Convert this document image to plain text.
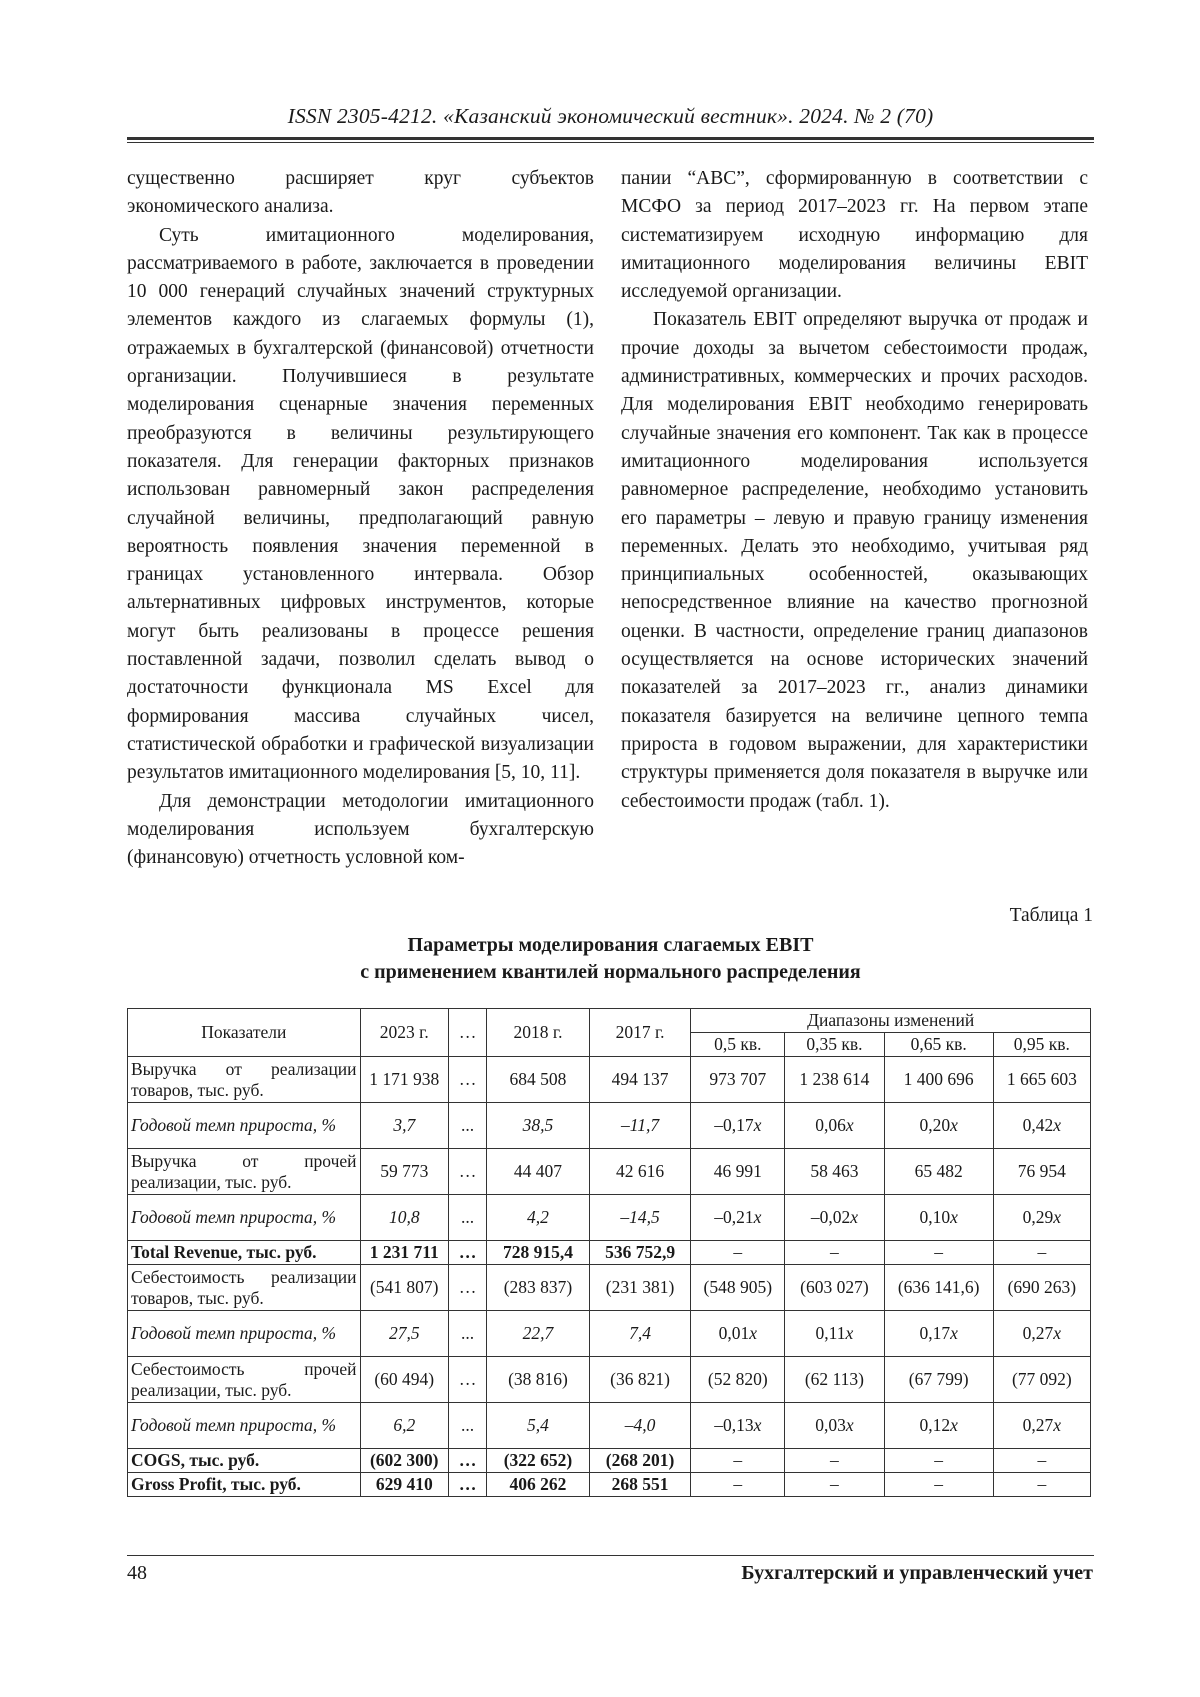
ISSN 2305-4212. «Казанский экономический вестник». 2024. № 2 (70)

существенно расширяет круг субъектов экономического анализа.

Суть имитационного моделирования, рассматриваемого в работе, заключается в проведении 10 000 генераций случайных значений структурных элементов каждого из слагаемых формулы (1), отражаемых в бухгалтерской (финансовой) отчетности организации. Получившиеся в результате моделирования сценарные значения переменных преобразуются в величины результирующего показателя. Для генерации факторных признаков использован равномерный закон распределения случайной величины, предполагающий равную вероятность появления значения переменной в границах установленного интервала. Обзор альтернативных цифровых инструментов, которые могут быть реализованы в процессе решения поставленной задачи, позволил сделать вывод о достаточности функционала MS Excel для формирования массива случайных чисел, статистической обработки и графической визуализации результатов имитационного моделирования [5, 10, 11].

Для демонстрации методологии имитационного моделирования используем бухгалтерскую (финансовую) отчетность условной ком-

пании “ABC”, сформированную в соответствии с МСФО за период 2017–2023 гг. На первом этапе систематизируем исходную информацию для имитационного моделирования величины EBIT исследуемой организации.

Показатель EBIT определяют выручка от продаж и прочие доходы за вычетом себестоимости продаж, административных, коммерческих и прочих расходов. Для моделирования EBIT необходимо генерировать случайные значения его компонент. Так как в процессе имитационного моделирования используется равномерное распределение, необходимо установить его параметры – левую и правую границу изменения переменных. Делать это необходимо, учитывая ряд принципиальных особенностей, оказывающих непосредственное влияние на качество прогнозной оценки. В частности, определение границ диапазонов осуществляется на основе исторических значений показателей за 2017–2023 гг., анализ динамики показателя базируется на величине цепного темпа прироста в годовом выражении, для характеристики структуры применяется доля показателя в выручке или себестоимости продаж (табл. 1).

Таблица 1
Параметры моделирования слагаемых EBIT
с применением квантилей нормального распределения
Показатели	2023 г.	…	2018 г.	2017 г.	Диапазоны изменений			
					0,5 кв.	0,35 кв.	0,65 кв.	0,95 кв.
Выручка от реализации товаров, тыс. руб.	1 171 938	…	684 508	494 137	973 707	1 238 614	1 400 696	1 665 603
Годовой темп прироста, %	3,7	...	38,5	–11,7	–0,17x	0,06x	0,20x	0,42x
Выручка от прочей реализации, тыс. руб.	59 773	…	44 407	42 616	46 991	58 463	65 482	76 954
Годовой темп прироста, %	10,8	...	4,2	–14,5	–0,21x	–0,02x	0,10x	0,29x
Total Revenue, тыс. руб.	1 231 711	…	728 915,4	536 752,9	–	–	–	–
Себестоимость реализации товаров, тыс. руб.	(541 807)	…	(283 837)	(231 381)	(548 905)	(603 027)	(636 141,6)	(690 263)
Годовой темп прироста, %	27,5	...	22,7	7,4	0,01x	0,11x	0,17x	0,27x
Себестоимость прочей реализации, тыс. руб.	(60 494)	…	(38 816)	(36 821)	(52 820)	(62 113)	(67 799)	(77 092)
Годовой темп прироста, %	6,2	...	5,4	–4,0	–0,13x	0,03x	0,12x	0,27x
COGS, тыс. руб.	(602 300)	…	(322 652)	(268 201)	–	–	–	–
Gross Profit, тыс. руб.	629 410	…	406 262	268 551	–	–	–	–
48	Бухгалтерский и управленческий учет
